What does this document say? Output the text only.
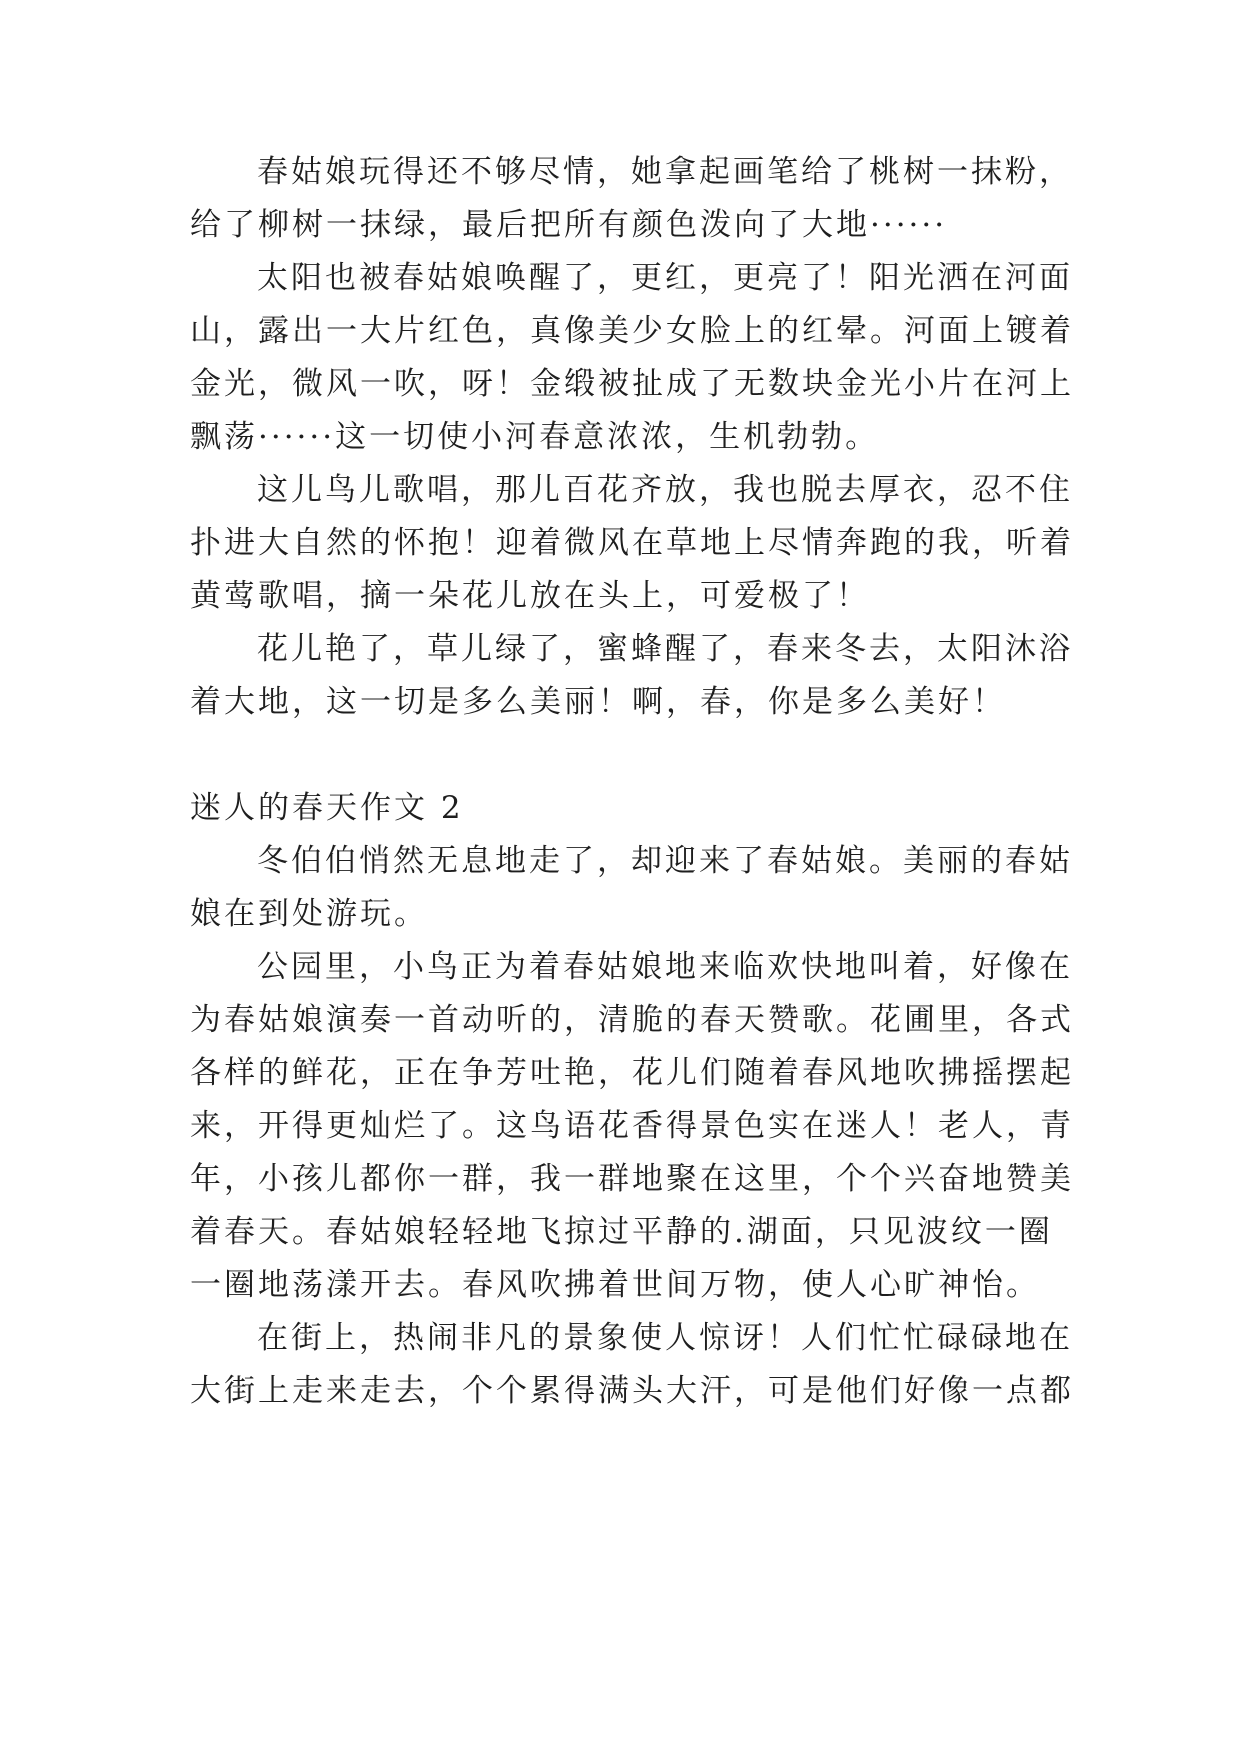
春姑娘玩得还不够尽情，她拿起画笔给了桃树一抹粉，
给了柳树一抹绿，最后把所有颜色泼向了大地······
太阳也被春姑娘唤醒了，更红，更亮了！阳光洒在河面
山，露出一大片红色，真像美少女脸上的红晕。河面上镀着
金光，微风一吹，呀！金缎被扯成了无数块金光小片在河上
飘荡······这一切使小河春意浓浓，生机勃勃。
这儿鸟儿歌唱，那儿百花齐放，我也脱去厚衣，忍不住
扑进大自然的怀抱！迎着微风在草地上尽情奔跑的我，听着
黄莺歌唱，摘一朵花儿放在头上，可爱极了！
花儿艳了，草儿绿了，蜜蜂醒了，春来冬去，太阳沐浴
着大地，这一切是多么美丽！啊，春，你是多么美好！
迷人的春天作文 2
冬伯伯悄然无息地走了，却迎来了春姑娘。美丽的春姑
娘在到处游玩。
公园里，小鸟正为着春姑娘地来临欢快地叫着，好像在
为春姑娘演奏一首动听的，清脆的春天赞歌。花圃里，各式
各样的鲜花，正在争芳吐艳，花儿们随着春风地吹拂摇摆起
来，开得更灿烂了。这鸟语花香得景色实在迷人！老人，青
年，小孩儿都你一群，我一群地聚在这里，个个兴奋地赞美
着春天。春姑娘轻轻地飞掠过平静的.湖面，只见波纹一圈
一圈地荡漾开去。春风吹拂着世间万物，使人心旷神怡。
在街上，热闹非凡的景象使人惊讶！人们忙忙碌碌地在
大街上走来走去，个个累得满头大汗，可是他们好像一点都
